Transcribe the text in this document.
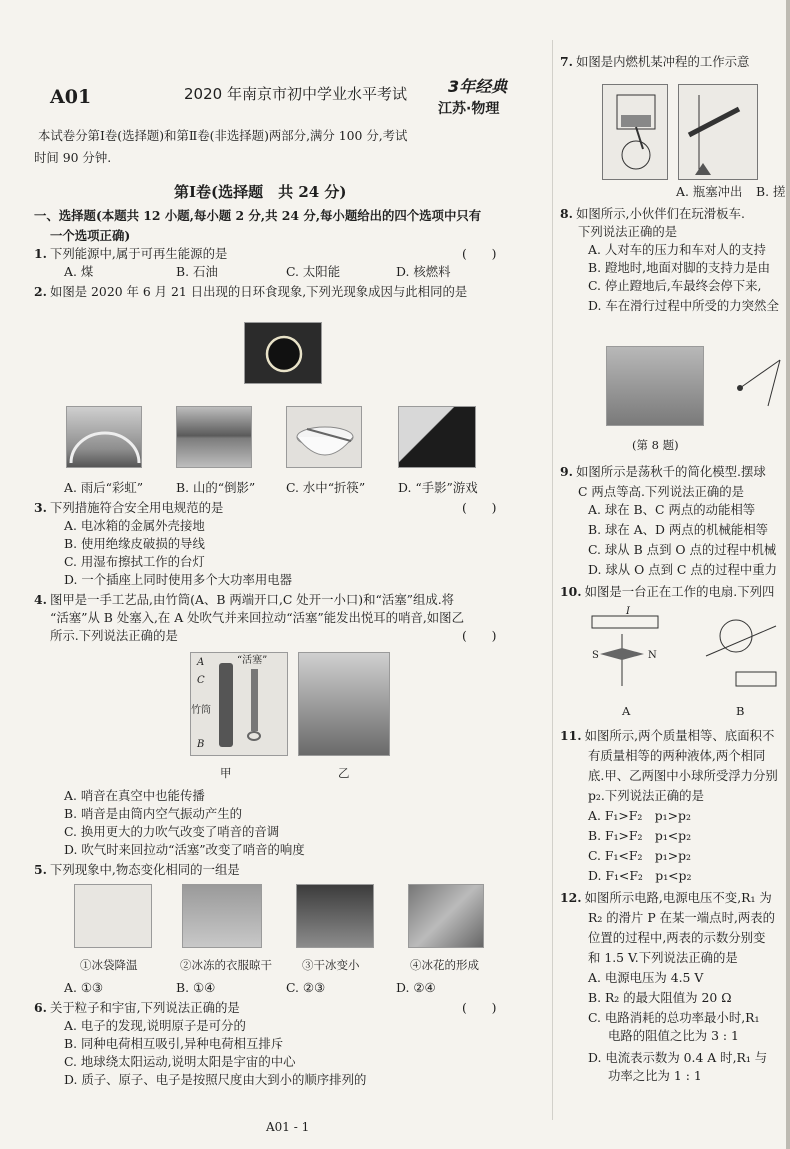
A01	2020 年南京市初中学业水平考试	3年经典
江苏·物理
本试卷分第Ⅰ卷(选择题)和第Ⅱ卷(非选择题)两部分,满分 100 分,考试
时间 90 分钟.
第Ⅰ卷(选择题　共 24 分)
一、选择题(本题共 12 小题,每小题 2 分,共 24 分,每小题给出的四个选项中只有
一个选项正确)
1. 下列能源中,属于可再生能源的是	(　　)
A. 煤	B. 石油	C. 太阳能	D. 核燃料
2. 如图是 2020 年 6 月 21 日出现的日环食现象,下列光现象成因与此相同的是
A. 雨后“彩虹”	B. 山的“倒影” C. 水中“折筷”	D. “手影”游戏
3. 下列措施符合安全用电规范的是	(　　)
A. 电冰箱的金属外壳接地
B. 使用绝缘皮破损的导线
C. 用湿布擦拭工作的台灯
D. 一个插座上同时使用多个大功率用电器
4. 图甲是一手工艺品,由竹筒(A、B 两端开口,C 处开一小口)和“活塞”组成.将
“活塞”从 B 处塞入,在 A 处吹气并来回拉动“活塞”能发出悦耳的哨音,如图乙
所示.下列说法正确的是	(　　)
A
C
B
“活塞”
竹筒
甲	乙
A. 哨音在真空中也能传播
B. 哨音是由筒内空气振动产生的
C. 换用更大的力吹气改变了哨音的音调
D. 吹气时来回拉动“活塞”改变了哨音的响度
5. 下列现象中,物态变化相同的一组是
①冰袋降温	②冰冻的衣服晾干	③干冰变小	④冰花的形成
A. ①③	B. ①④	C. ②③	D. ②④
6. 关于粒子和宇宙,下列说法正确的是	(　　)
A. 电子的发现,说明原子是可分的
B. 同种电荷相互吸引,异种电荷相互排斥
C. 地球绕太阳运动,说明太阳是宇宙的中心
D. 质子、原子、电子是按照尺度由大到小的顺序排列的
A01 - 1
7. 如图是内燃机某冲程的工作示意
A. 瓶塞冲出 B. 搓
8. 如图所示,小伙伴们在玩滑板车.
下列说法正确的是
A. 人对车的压力和车对人的支持
B. 蹬地时,地面对脚的支持力是由
C. 停止蹬地后,车最终会停下来,
D. 车在滑行过程中所受的力突然全
(第 8 题)
9. 如图所示是荡秋千的简化模型.摆球
C 两点等高.下列说法正确的是
A. 球在 B、C 两点的动能相等
B. 球在 A、D 两点的机械能相等
C. 球从 B 点到 O 点的过程中机械
D. 球从 O 点到 C 点的过程中重力
10. 如图是一台正在工作的电扇.下列四
S	N
I
A	B
11. 如图所示,两个质量相等、底面积不
有质量相等的两种液体,两个相同
底.甲、乙两图中小球所受浮力分别
p₂.下列说法正确的是
A. F₁>F₂　p₁>p₂
B. F₁>F₂　p₁<p₂
C. F₁<F₂　p₁>p₂
D. F₁<F₂　p₁<p₂
12. 如图所示电路,电源电压不变,R₁ 为
R₂ 的滑片 P 在某一端点时,两表的
位置的过程中,两表的示数分别变
和 1.5 V.下列说法正确的是
A. 电源电压为 4.5 V
B. R₂ 的最大阻值为 20 Ω
C. 电路消耗的总功率最小时,R₁
电路的阻值之比为 3 : 1
D. 电流表示数为 0.4 A 时,R₁ 与
功率之比为 1 : 1
